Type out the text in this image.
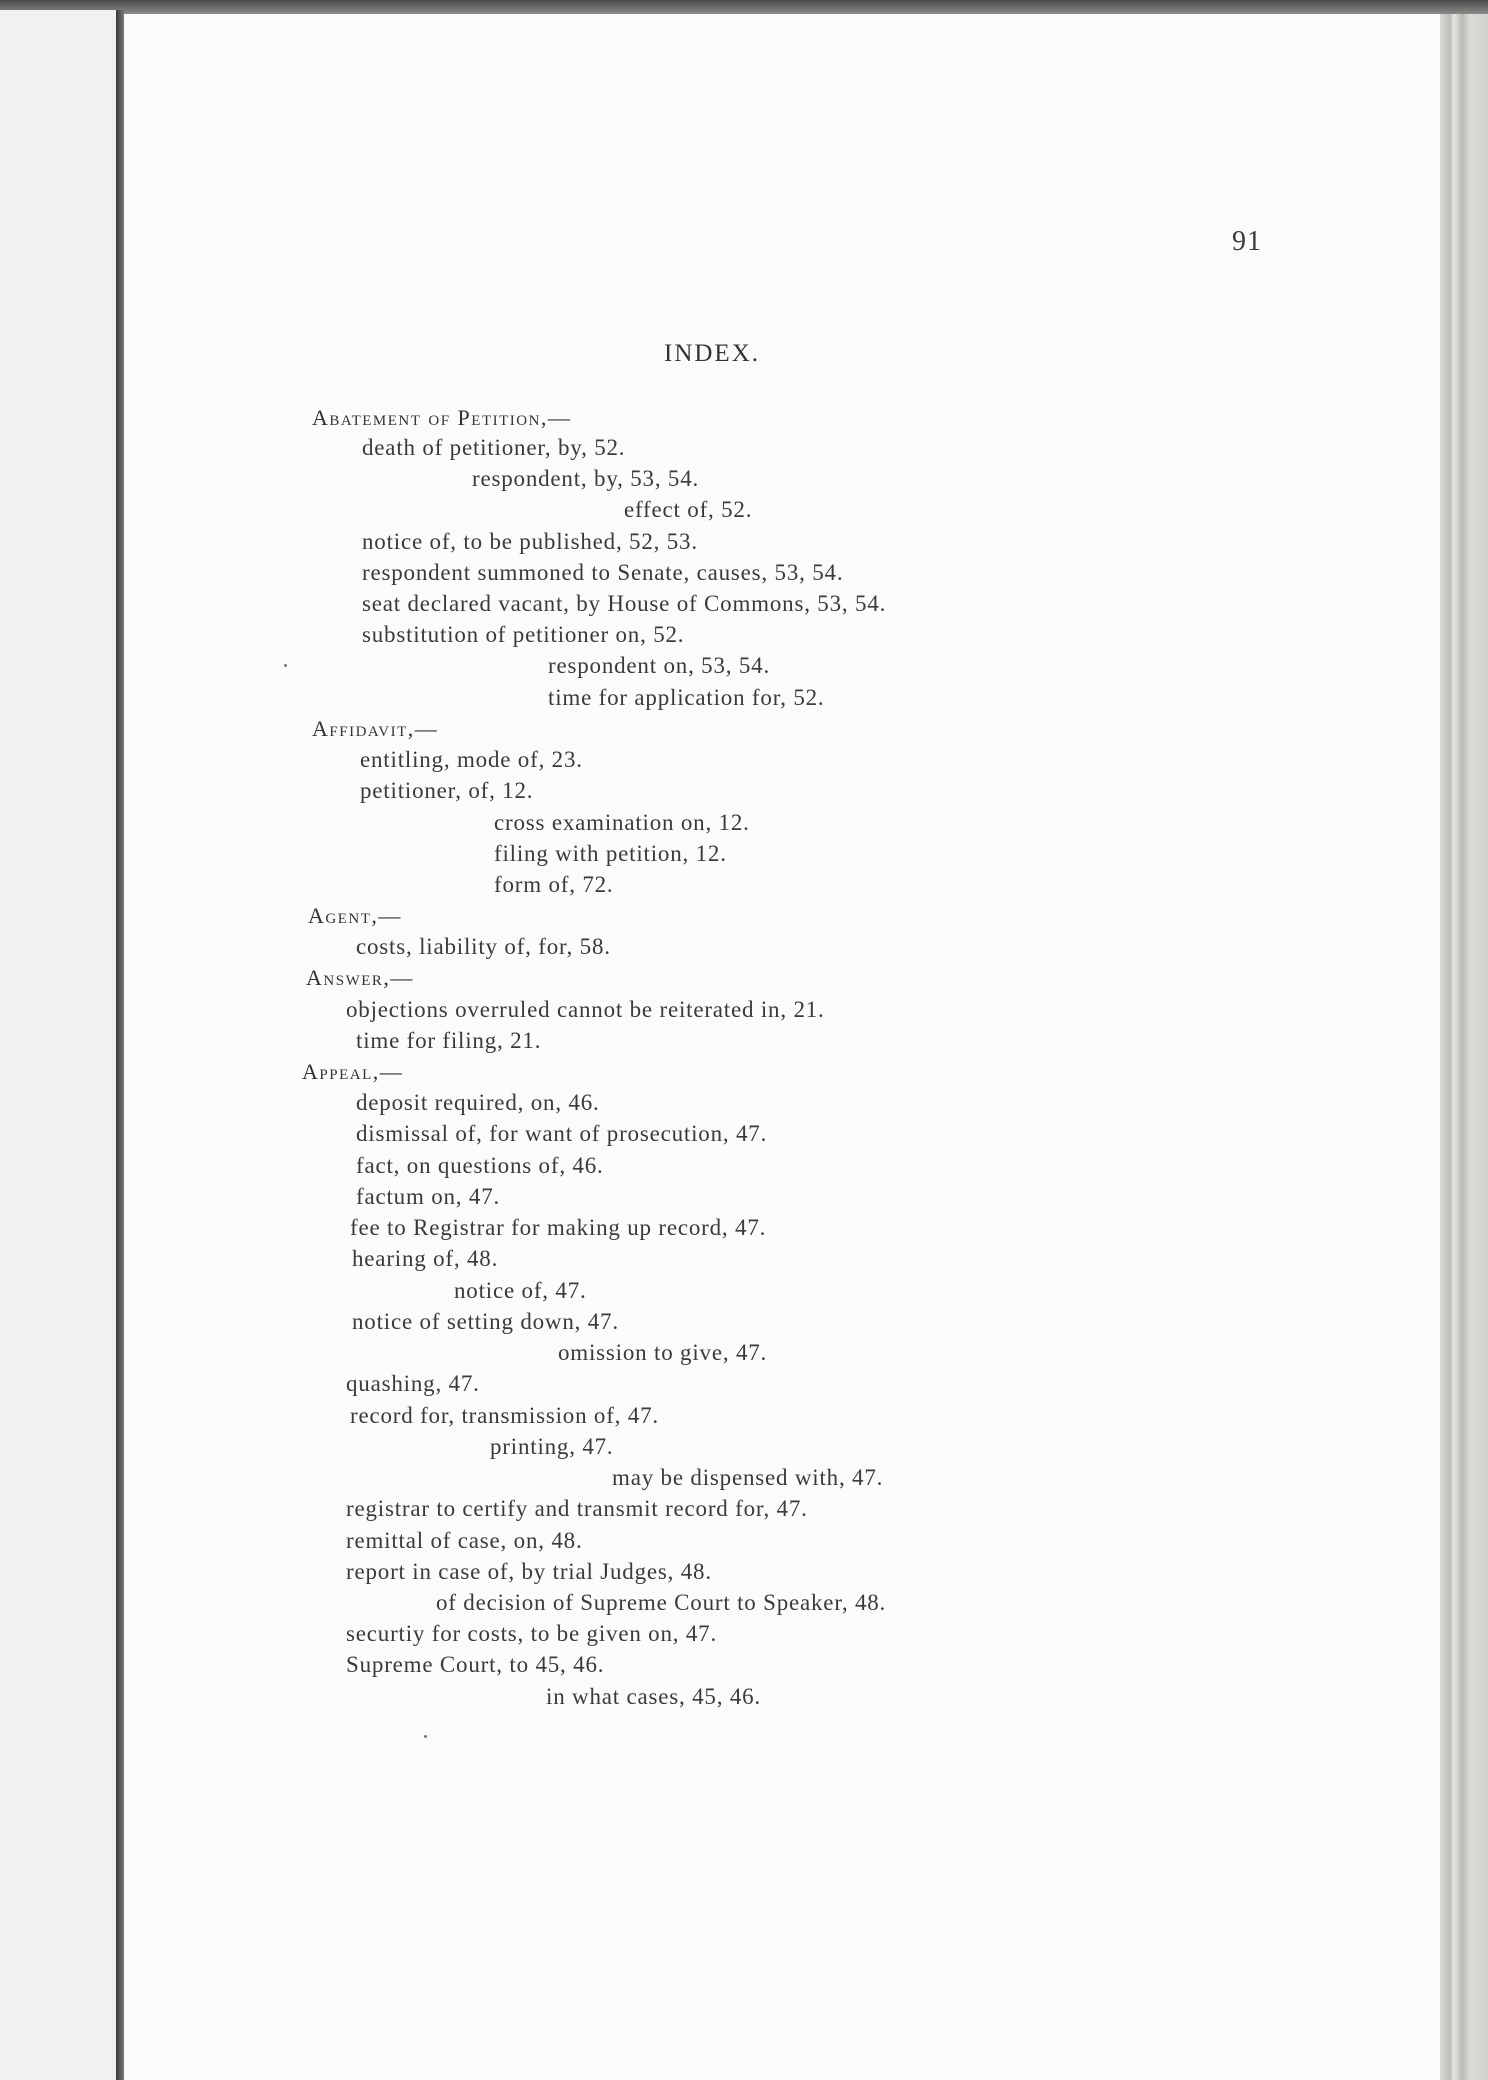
91
INDEX.
Abatement of Petition,—
death of petitioner, by, 52.
respondent, by, 53, 54.
effect of, 52.
notice of, to be published, 52, 53.
respondent summoned to Senate, causes, 53, 54.
seat declared vacant, by House of Commons, 53, 54.
substitution of petitioner on, 52.
respondent on, 53, 54.
time for application for, 52.
Affidavit,—
entitling, mode of, 23.
petitioner, of, 12.
cross examination on, 12.
filing with petition, 12.
form of, 72.
Agent,—
costs, liability of, for, 58.
Answer,—
objections overruled cannot be reiterated in, 21.
time for filing, 21.
Appeal,—
deposit required, on, 46.
dismissal of, for want of prosecution, 47.
fact, on questions of, 46.
factum on, 47.
fee to Registrar for making up record, 47.
hearing of, 48.
notice of, 47.
notice of setting down, 47.
omission to give, 47.
quashing, 47.
record for, transmission of, 47.
printing, 47.
may be dispensed with, 47.
registrar to certify and transmit record for, 47.
remittal of case, on, 48.
report in case of, by trial Judges, 48.
of decision of Supreme Court to Speaker, 48.
securtiy for costs, to be given on, 47.
Supreme Court, to 45, 46.
in what cases, 45, 46.
